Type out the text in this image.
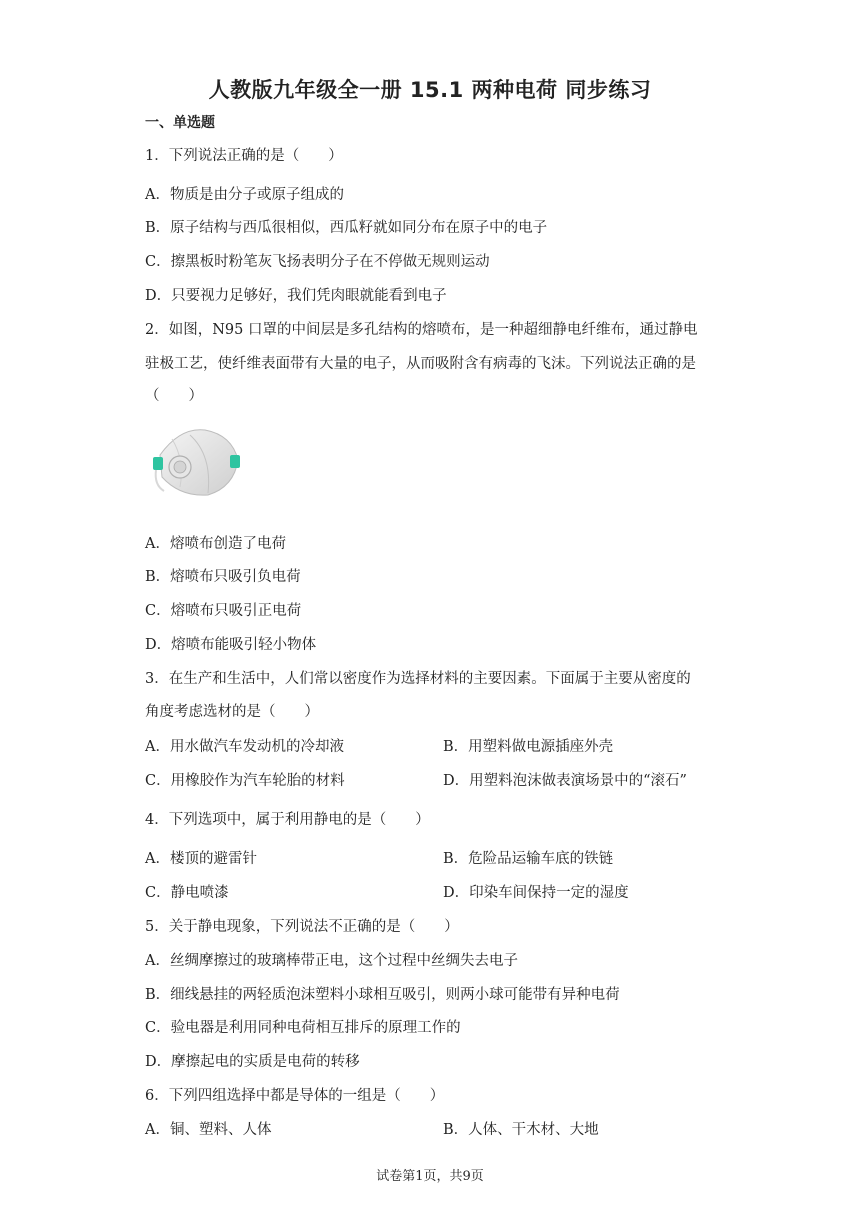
人教版九年级全一册 15.1 两种电荷 同步练习
一、单选题
1．下列说法正确的是（　　）
A．物质是由分子或原子组成的
B．原子结构与西瓜很相似，西瓜籽就如同分布在原子中的电子
C．擦黑板时粉笔灰飞扬表明分子在不停做无规则运动
D．只要视力足够好，我们凭肉眼就能看到电子
2．如图，N95 口罩的中间层是多孔结构的熔喷布，是一种超细静电纤维布，通过静电
驻极工艺，使纤维表面带有大量的电子，从而吸附含有病毒的飞沫。下列说法正确的是
（　　）
A．熔喷布创造了电荷
B．熔喷布只吸引负电荷
C．熔喷布只吸引正电荷
D．熔喷布能吸引轻小物体
3．在生产和生活中，人们常以密度作为选择材料的主要因素。下面属于主要从密度的
角度考虑选材的是（　　）
A．用水做汽车发动机的冷却液	B．用塑料做电源插座外壳
C．用橡胶作为汽车轮胎的材料	D．用塑料泡沫做表演场景中的“滚石”
4．下列选项中，属于利用静电的是（　　）
A．楼顶的避雷针	B．危险品运输车底的铁链
C．静电喷漆	D．印染车间保持一定的湿度
5．关于静电现象，下列说法不正确的是（　　）
A．丝绸摩擦过的玻璃棒带正电，这个过程中丝绸失去电子
B．细线悬挂的两轻质泡沫塑料小球相互吸引，则两小球可能带有异种电荷
C．验电器是利用同种电荷相互排斥的原理工作的
D．摩擦起电的实质是电荷的转移
6．下列四组选择中都是导体的一组是（　　）
A．铜、塑料、人体	B．人体、干木材、大地
试卷第1页，共9页
